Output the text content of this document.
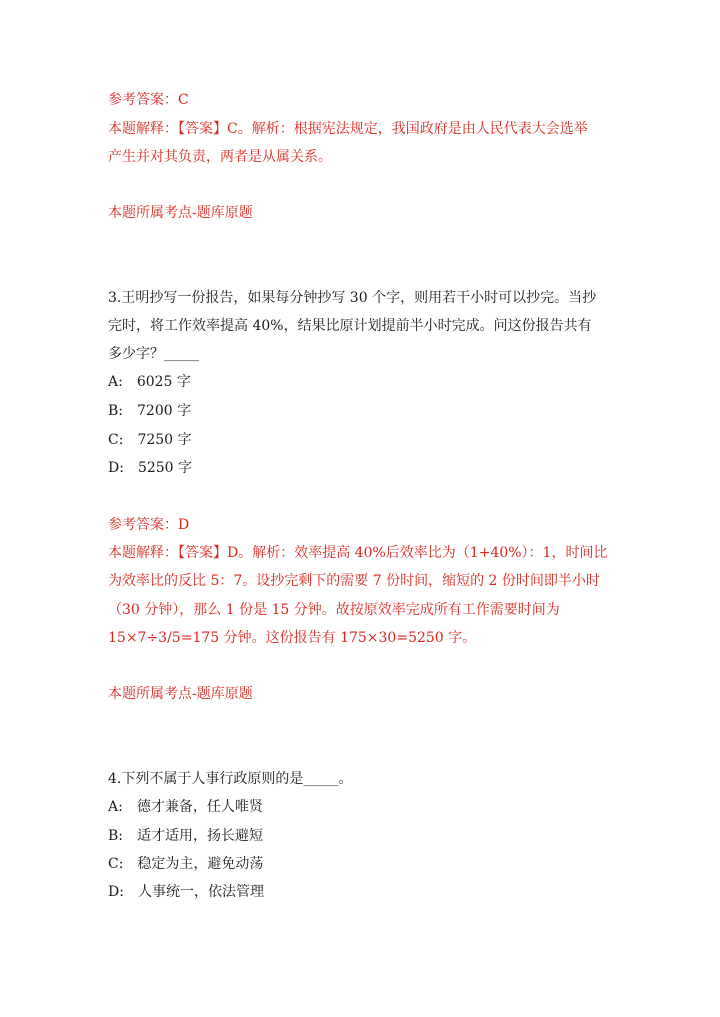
参考答案：C
本题解释：【答案】C。解析：根据宪法规定，我国政府是由人民代表大会选举
产生并对其负责，两者是从属关系。
本题所属考点-题库原题
3.王明抄写一份报告，如果每分钟抄写 30 个字，则用若干小时可以抄完。当抄
完时，将工作效率提高 40%，结果比原计划提前半小时完成。问这份报告共有
多少字？_____
A: 6025 字
B: 7200 字
C: 7250 字
D: 5250 字
参考答案：D
本题解释：【答案】D。解析：效率提高 40%后效率比为（1+40%）：1，时间比
为效率比的反比 5：7。设抄完剩下的需要 7 份时间，缩短的 2 份时间即半小时
（30 分钟），那么 1 份是 15 分钟。故按原效率完成所有工作需要时间为
15×7÷3/5=175 分钟。这份报告有 175×30=5250 字。
本题所属考点-题库原题
4.下列不属于人事行政原则的是_____。
A: 德才兼备，任人唯贤
B: 适才适用，扬长避短
C: 稳定为主，避免动荡
D: 人事统一，依法管理
